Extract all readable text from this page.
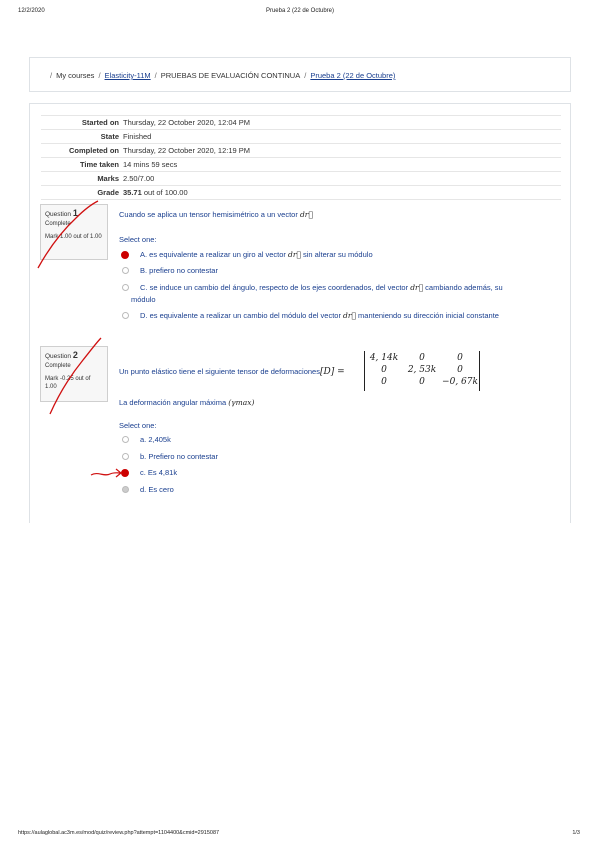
12/2/2020	Prueba 2 (22 de Octubre)
/ My courses / Elasticity-11M / PRUEBAS DE EVALUACIÓN CONTINUA / Prueba 2 (22 de Octubre)
Started on Thursday, 22 October 2020, 12:04 PM
State Finished
Completed on Thursday, 22 October 2020, 12:19 PM
Time taken 14 mins 59 secs
Marks 2.50/7.00
Grade 35.71 out of 100.00
Question 1
Complete
Mark 1.00 out of 1.00
Cuando se aplica un tensor hemisimétrico a un vector dr⃗
Select one:
A. es equivalente a realizar un giro al vector dr⃗ sin alterar su módulo
B. prefiero no contestar
C. se induce un cambio del ángulo, respecto de los ejes coordenados, del vector dr⃗ cambiando además, su
módulo
D. es equivalente a realizar un cambio del módulo del vector dr⃗ manteniendo su dirección inicial constante
Question 2
Complete
Mark -0.25 out of 1.00
Un punto elástico tiene el siguiente tensor de deformaciones[D] =
4, 14k	0	0
0	2, 53k	0
0	0	−0, 67k
La deformación angular máxima (γmax)
Select one:
a. 2,405k
b. Prefiero no contestar
c. Es 4,81k
d. Es cero
https://aulaglobal.ac3m.es/mod/quiz/review.php?attempt=1104400&cmid=2915087	1/3
